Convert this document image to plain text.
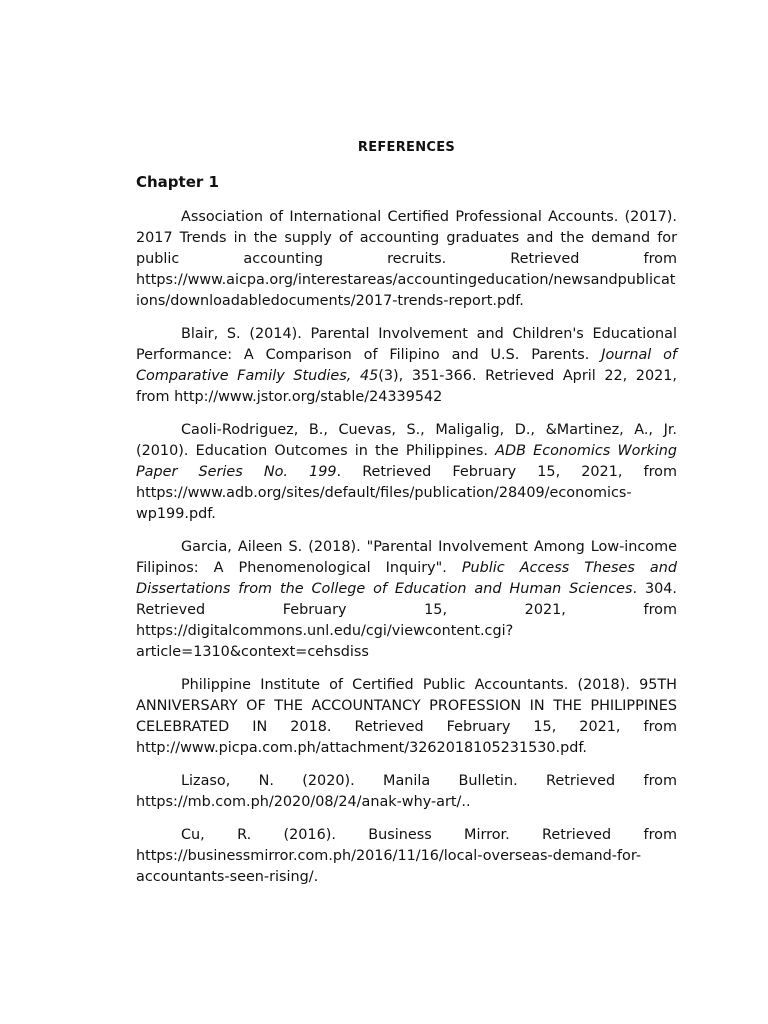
REFERENCES
Chapter 1

Association of International Certified Professional Accounts. (2017). 2017 Trends in the supply of accounting graduates and the demand for public accounting recruits. Retrieved from https://www.aicpa.org/interestareas/accountingeducation/newsandpublications/downloadabledocuments/2017-trends-report.pdf.

Blair, S. (2014). Parental Involvement and Children's Educational Performance: A Comparison of Filipino and U.S. Parents. Journal of Comparative Family Studies, 45(3), 351-366. Retrieved April 22, 2021, from http://www.jstor.org/stable/24339542

Caoli-Rodriguez, B., Cuevas, S., Maligalig, D., &Martinez, A., Jr. (2010). Education Outcomes in the Philippines. ADB Economics Working Paper Series No. 199. Retrieved February 15, 2021, from https://www.adb.org/sites/default/files/publication/28409/economics-wp199.pdf.

Garcia, Aileen S. (2018). "Parental Involvement Among Low-income Filipinos: A Phenomenological Inquiry". Public Access Theses and Dissertations from the College of Education and Human Sciences. 304. Retrieved February 15, 2021, from https://digitalcommons.unl.edu/cgi/viewcontent.cgi?article=1310&context=cehsdiss

Philippine Institute of Certified Public Accountants. (2018). 95TH ANNIVERSARY OF THE ACCOUNTANCY PROFESSION IN THE PHILIPPINES CELEBRATED IN 2018. Retrieved February 15, 2021, from http://www.picpa.com.ph/attachment/3262018105231530.pdf.

Lizaso, N. (2020). Manila Bulletin. Retrieved from https://mb.com.ph/2020/08/24/anak-why-art/..

Cu, R. (2016). Business Mirror. Retrieved from https://businessmirror.com.ph/2016/11/16/local-overseas-demand-for-accountants-seen-rising/.
